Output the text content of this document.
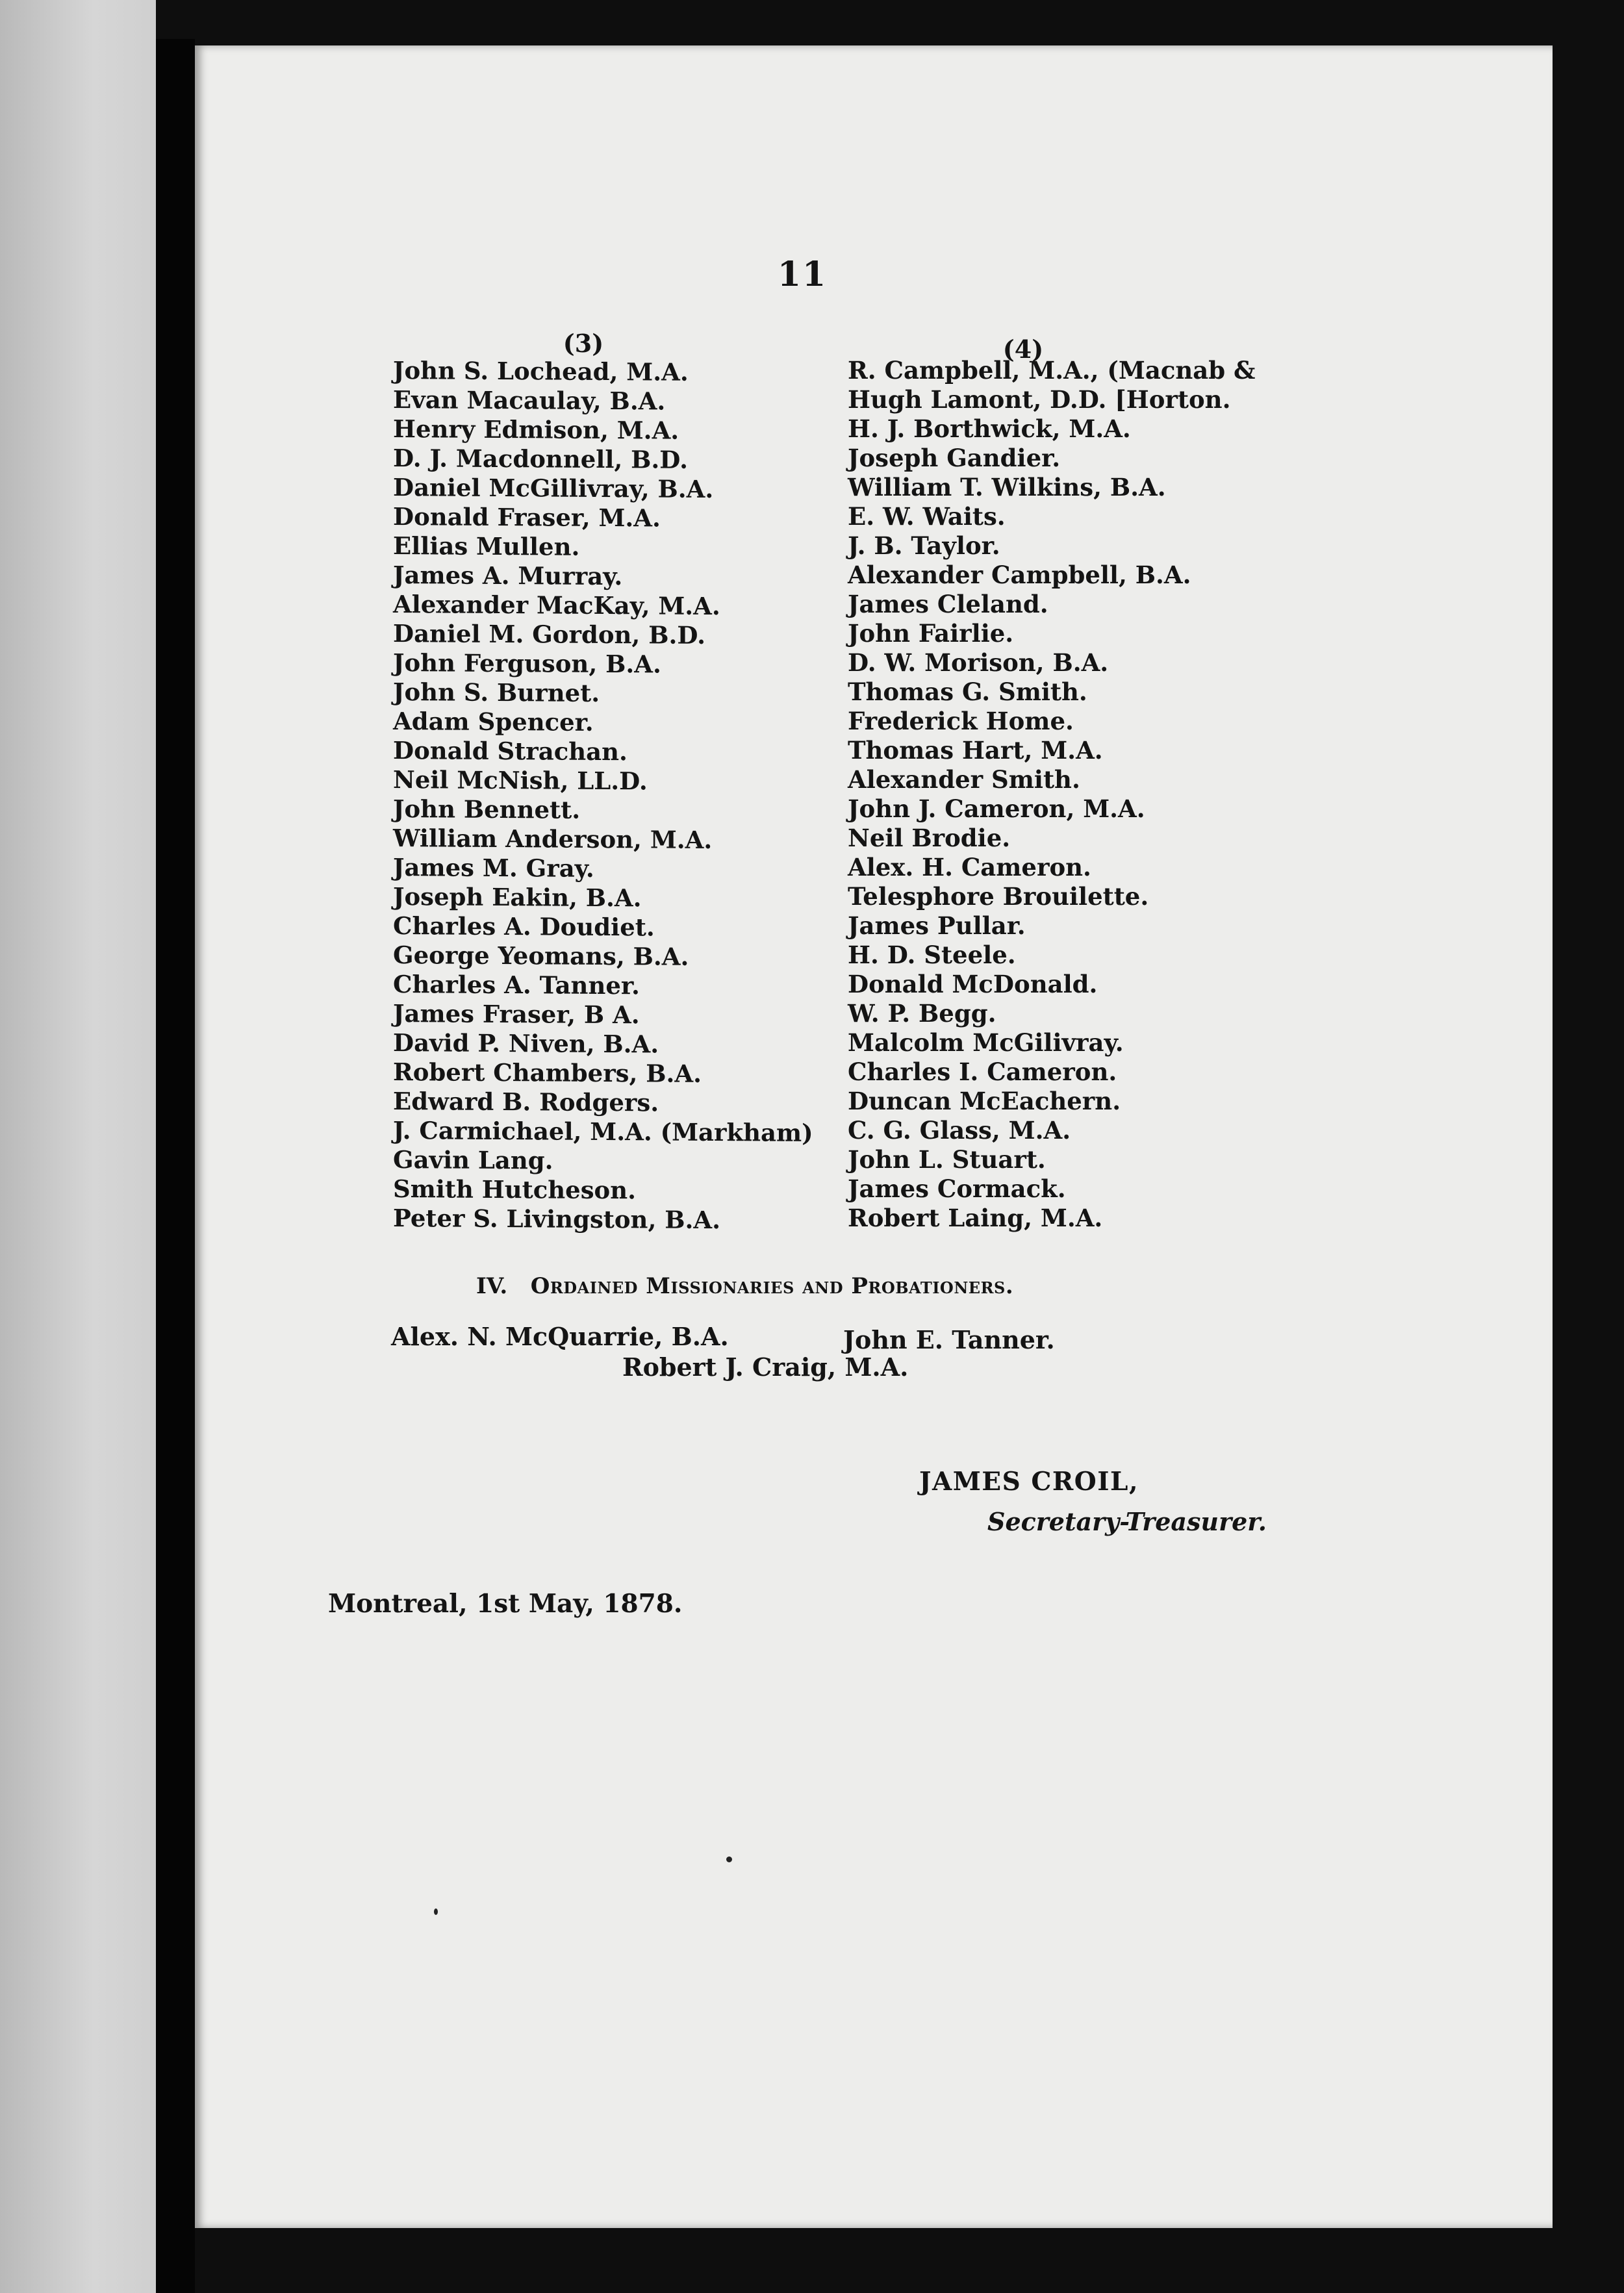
11
(3)	(4)
John S. Lochead, M.A.
Evan Macaulay, B.A.
Henry Edmison, M.A.
D. J. Macdonnell, B.D.
Daniel McGillivray, B.A.
Donald Fraser, M.A.
Ellias Mullen.
James A. Murray.
Alexander MacKay, M.A.
Daniel M. Gordon, B.D.
John Ferguson, B.A.
John S. Burnet.
Adam Spencer.
Donald Strachan.
Neil McNish, LL.D.
John Bennett.
William Anderson, M.A.
James M. Gray.
Joseph Eakin, B.A.
Charles A. Doudiet.
George Yeomans, B.A.
Charles A. Tanner.
James Fraser, B A.
David P. Niven, B.A.
Robert Chambers, B.A.
Edward B. Rodgers.
J. Carmichael, M.A. (Markham)
Gavin Lang.
Smith Hutcheson.
Peter S. Livingston, B.A.
R. Campbell, M.A., (Macnab &
Hugh Lamont, D.D. [Horton.
H. J. Borthwick, M.A.
Joseph Gandier.
William T. Wilkins, B.A.
E. W. Waits.
J. B. Taylor.
Alexander Campbell, B.A.
James Cleland.
John Fairlie.
D. W. Morison, B.A.
Thomas G. Smith.
Frederick Home.
Thomas Hart, M.A.
Alexander Smith.
John J. Cameron, M.A.
Neil Brodie.
Alex. H. Cameron.
Telesphore Brouilette.
James Pullar.
H. D. Steele.
Donald McDonald.
W. P. Begg.
Malcolm McGilivray.
Charles I. Cameron.
Duncan McEachern.
C. G. Glass, M.A.
John L. Stuart.
James Cormack.
Robert Laing, M.A.
IV. Ordained Missionaries and Probationers.
Alex. N. McQuarrie, B.A.	John E. Tanner.
Robert J. Craig, M.A.
JAMES CROIL,
Secretary-Treasurer.
Montreal, 1st May, 1878.
